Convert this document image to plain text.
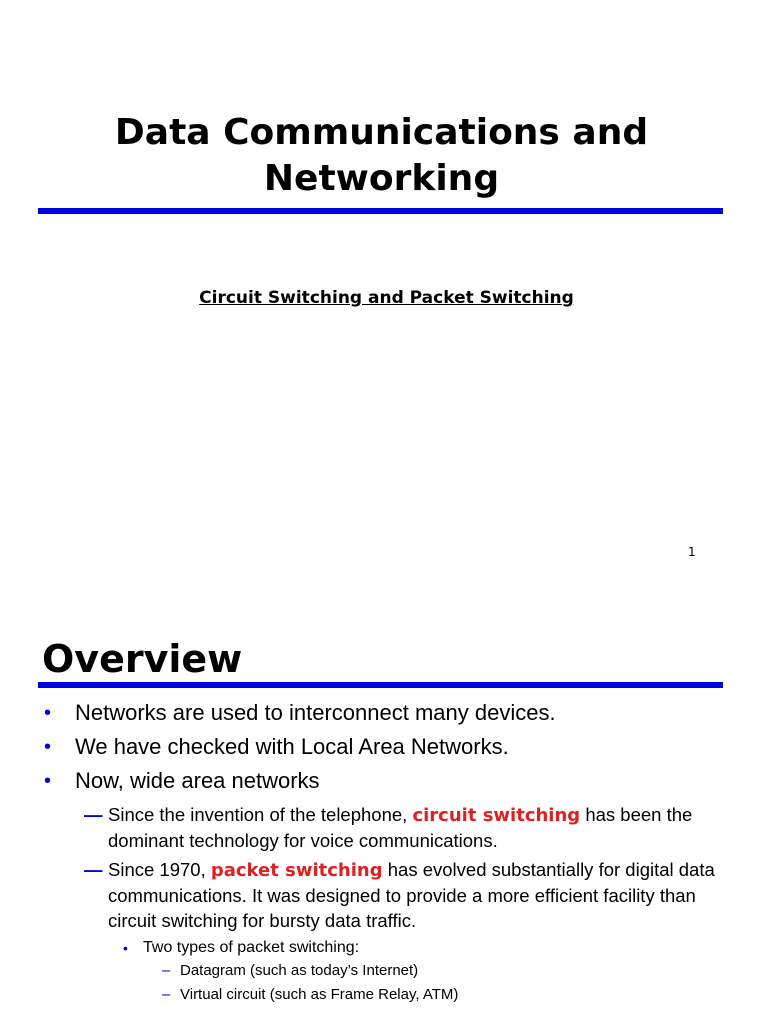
Data Communications and
Networking

Circuit Switching and Packet Switching

1
Overview
• Networks are used to interconnect many devices.
• We have checked with Local Area Networks.
• Now, wide area networks
— Since the invention of the telephone, circuit switching has been the dominant technology for voice communications.
— Since 1970, packet switching has evolved substantially for digital data communications. It was designed to provide a more efficient facility than circuit switching for bursty data traffic.
• Two types of packet switching:
– Datagram (such as today’s Internet)
– Virtual circuit (such as Frame Relay, ATM)
